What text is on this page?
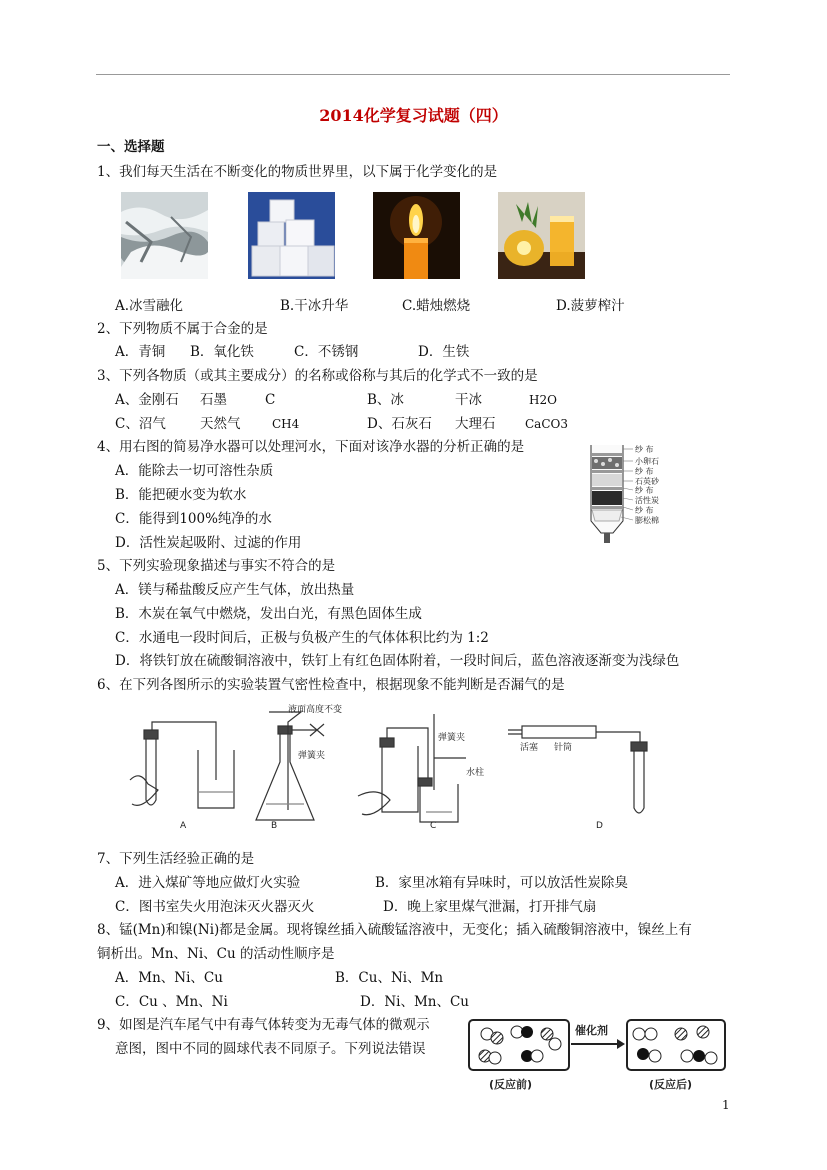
2014化学复习试题（四）
一、选择题
1、我们每天生活在不断变化的物质世界里，以下属于化学变化的是
A.冰雪融化	B.干冰升华	C.蜡烛燃烧	D.菠萝榨汁
2、下列物质不属于合金的是
A．青铜 B．氧化铁	C．不锈钢	D．生铁
3、下列各物质（或其主要成分）的名称或俗称与其后的化学式不一致的是
A、金刚石 石墨	C	B、冰	干冰	H2O
C、沼气	天然气	CH4	D、石灰石 大理石 CaCO3
4、用右图的简易净水器可以处理河水，下面对该净水器的分析正确的是
A．能除去一切可溶性杂质
B．能把硬水变为软水
C．能得到100%纯净的水
D．活性炭起吸附、过滤的作用
纱 布
小卵石
纱 布
石英砂
纱 布
活性炭
纱 布
膨松棉
5、下列实验现象描述与事实不符合的是
A．镁与稀盐酸反应产生气体，放出热量
B．木炭在氧气中燃烧，发出白光，有黑色固体生成
C．水通电一段时间后，正极与负极产生的气体体积比约为 1:2
D．将铁钉放在硫酸铜溶液中，铁钉上有红色固体附着，一段时间后，蓝色溶液逐渐变为浅绿色
6、在下列各图所示的实验装置气密性检查中，根据现象不能判断是否漏气的是
液面高度不变
弹簧夹
弹簧夹
水柱
活塞 针筒
A	B	C	D
7、下列生活经验正确的是
A．进入煤矿等地应做灯火实验	B．家里冰箱有异味时，可以放活性炭除臭
C．图书室失火用泡沫灭火器灭火	D．晚上家里煤气泄漏，打开排气扇
8、锰(Mn)和镍(Ni)都是金属。现将镍丝插入硫酸锰溶液中，无变化；插入硫酸铜溶液中，镍丝上有
铜析出。Mn、Ni、Cu 的活动性顺序是
A．Mn、Ni、Cu	B．Cu、Ni、Mn
C．Cu 、Mn、Ni	D．Ni、Mn、Cu
9、如图是汽车尾气中有毒气体转变为无毒气体的微观示
意图，图中不同的圆球代表不同原子。下列说法错误
催化剂
(反应前)	(反应后)
1
